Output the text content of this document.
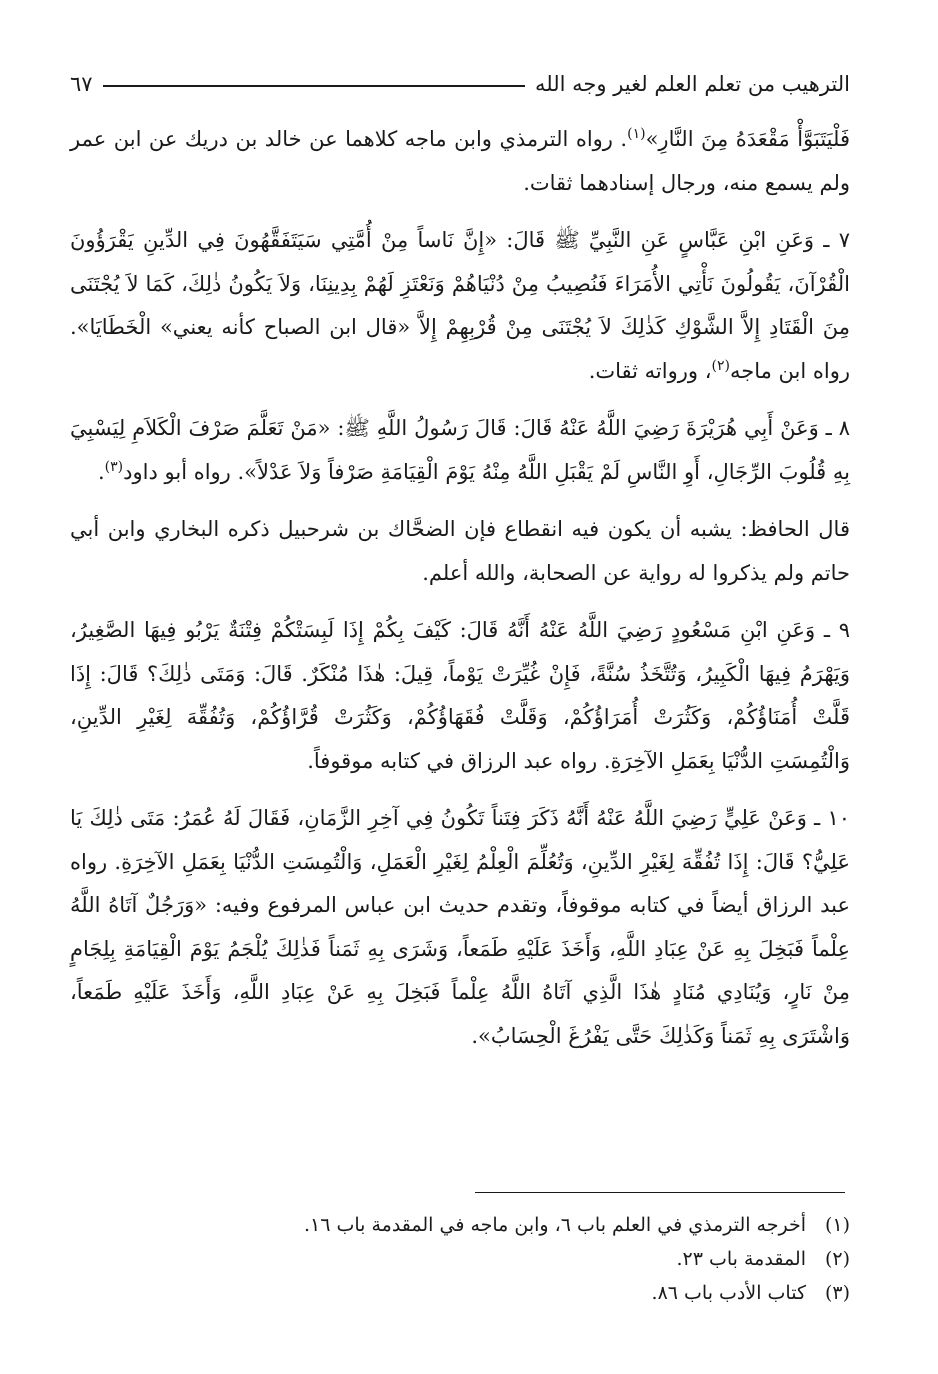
الترهيب من تعلم العلم لغير وجه الله
٦٧

فَلْيَتَبَوَّأْ مَقْعَدَهُ مِنَ النَّارِ»$^{(١)}$. رواه الترمذي وابن ماجه كلاهما عن خالد بن دريك عن ابن عمر ولم يسمع منه، ورجال إسنادهما ثقات.

٧ ـ وَعَنِ ابْنِ عَبَّاسٍ عَنِ النَّبِيِّ ﷺ قَالَ: «إِنَّ نَاساً مِنْ أُمَّتِي سَيَتَفَقَّهُونَ فِي الدِّينِ يَقْرَؤُونَ الْقُرْآنَ، يَقُولُونَ نَأْتِي الأُمَرَاءَ فَنُصِيبُ مِنْ دُنْيَاهُمْ وَنَعْتَزِ لَهُمْ بِدِينِنَا، وَلاَ يَكُونُ ذٰلِكَ، كَمَا لاَ يُجْتَنَى مِنَ الْقَتَادِ إِلاَّ الشَّوْكِ كَذٰلِكَ لاَ يُجْتَنَى مِنْ قُرْبِهِمْ إِلاَّ «قال ابن الصباح كأنه يعني» الْخَطَايَا». رواه ابن ماجه$^{(٢)}$، ورواته ثقات.

٨ ـ وَعَنْ أَبِي هُرَيْرَةَ رَضِيَ اللَّهُ عَنْهُ قَالَ: قَالَ رَسُولُ اللَّهِ ﷺ: «مَنْ تَعَلَّمَ صَرْفَ الْكَلاَمِ لِيَسْبِيَ بِهِ قُلُوبَ الرِّجَالِ، أَوِ النَّاسِ لَمْ يَقْبَلِ اللَّهُ مِنْهُ يَوْمَ الْقِيَامَةِ صَرْفاً وَلاَ عَدْلاً». رواه أبو داود$^{(٣)}$.

قال الحافظ: يشبه أن يكون فيه انقطاع فإن الضحَّاك بن شرحبيل ذكره البخاري وابن أبي حاتم ولم يذكروا له رواية عن الصحابة، والله أعلم.

٩ ـ وَعَنِ ابْنِ مَسْعُودٍ رَضِيَ اللَّهُ عَنْهُ أَنَّهُ قَالَ: كَيْفَ بِكُمْ إِذَا لَبِسَتْكُمْ فِتْنَةٌ يَرْبُو فِيهَا الصَّغِيرُ، وَيَهْرَمُ فِيهَا الْكَبِيرُ، وَتُتَّخَذُ سُنَّةً، فَإِنْ غُيِّرَتْ يَوْماً، قِيلَ: هٰذَا مُنْكَرٌ. قَالَ: وَمَتَى ذٰلِكَ؟ قَالَ: إِذَا قَلَّتْ أُمَنَاؤُكُمْ، وَكَثُرَتْ أُمَرَاؤُكُمْ، وَقَلَّتْ فُقَهَاؤُكُمْ، وَكَثُرَتْ قُرَّاؤُكُمْ، وَتُفُقِّهَ لِغَيْرِ الدِّينِ، وَالْتُمِسَتِ الدُّنْيَا بِعَمَلِ الآخِرَةِ. رواه عبد الرزاق في كتابه موقوفاً.

١٠ ـ وَعَنْ عَلِيٍّ رَضِيَ اللَّهُ عَنْهُ أَنَّهُ ذَكَرَ فِتَناً تَكُونُ فِي آخِرِ الزَّمَانِ، فَقَالَ لَهُ عُمَرُ: مَتَى ذٰلِكَ يَا عَلِيُّ؟ قَالَ: إِذَا تُفُقِّهَ لِغَيْرِ الدِّينِ، وَتُعُلِّمَ الْعِلْمُ لِغَيْرِ الْعَمَلِ، وَالْتُمِسَتِ الدُّنْيَا بِعَمَلِ الآخِرَةِ. رواه عبد الرزاق أيضاً في كتابه موقوفاً، وتقدم حديث ابن عباس المرفوع وفيه: «وَرَجُلٌ آتَاهُ اللَّهُ عِلْماً فَبَخِلَ بِهِ عَنْ عِبَادِ اللَّهِ، وَأَخَذَ عَلَيْهِ طَمَعاً، وَشَرَى بِهِ ثَمَناً فَذٰلِكَ يُلْجَمُ يَوْمَ الْقِيَامَةِ بِلِجَامٍ مِنْ نَارٍ، وَيُنَادِي مُنَادٍ هٰذَا الَّذِي آتَاهُ اللَّهُ عِلْماً فَبَخِلَ بِهِ عَنْ عِبَادِ اللَّهِ، وَأَخَذَ عَلَيْهِ طَمَعاً، وَاشْتَرَى بِهِ ثَمَناً وَكَذٰلِكَ حَتَّى يَفْرُغَ الْحِسَابُ».

(١)
أخرجه الترمذي في العلم باب ٦، وابن ماجه في المقدمة باب ١٦.
(٢)
المقدمة باب ٢٣.
(٣)
كتاب الأدب باب ٨٦.
